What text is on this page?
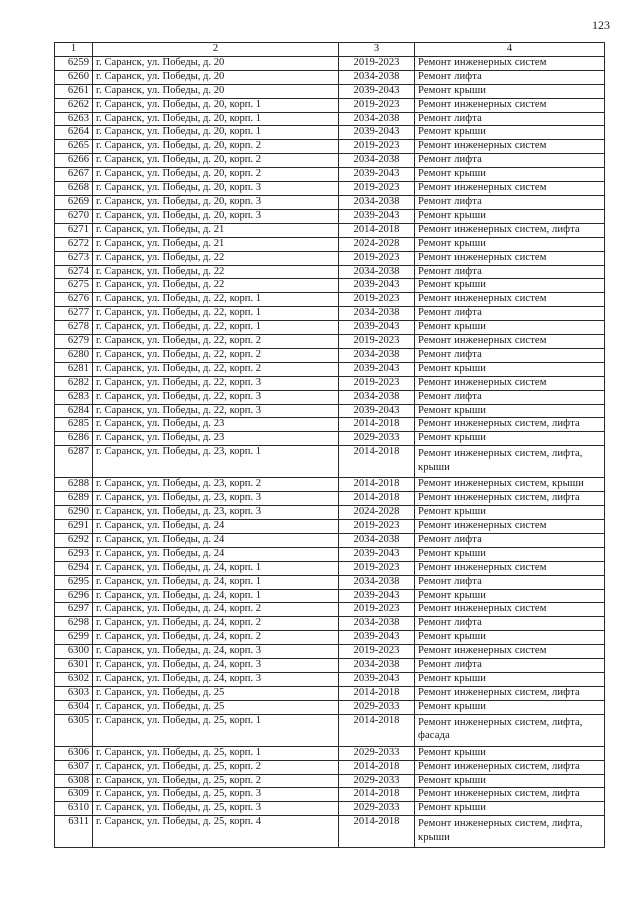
123
1	2	3	4
6259	г. Саранск, ул. Победы, д. 20	2019-2023	Ремонт инженерных систем
6260	г. Саранск, ул. Победы, д. 20	2034-2038	Ремонт лифта
6261	г. Саранск, ул. Победы, д. 20	2039-2043	Ремонт крыши
6262	г. Саранск, ул. Победы, д. 20, корп. 1	2019-2023	Ремонт инженерных систем
6263	г. Саранск, ул. Победы, д. 20, корп. 1	2034-2038	Ремонт лифта
6264	г. Саранск, ул. Победы, д. 20, корп. 1	2039-2043	Ремонт крыши
6265	г. Саранск, ул. Победы, д. 20, корп. 2	2019-2023	Ремонт инженерных систем
6266	г. Саранск, ул. Победы, д. 20, корп. 2	2034-2038	Ремонт лифта
6267	г. Саранск, ул. Победы, д. 20, корп. 2	2039-2043	Ремонт крыши
6268	г. Саранск, ул. Победы, д. 20, корп. 3	2019-2023	Ремонт инженерных систем
6269	г. Саранск, ул. Победы, д. 20, корп. 3	2034-2038	Ремонт лифта
6270	г. Саранск, ул. Победы, д. 20, корп. 3	2039-2043	Ремонт крыши
6271	г. Саранск, ул. Победы, д. 21	2014-2018	Ремонт инженерных систем, лифта
6272	г. Саранск, ул. Победы, д. 21	2024-2028	Ремонт крыши
6273	г. Саранск, ул. Победы, д. 22	2019-2023	Ремонт инженерных систем
6274	г. Саранск, ул. Победы, д. 22	2034-2038	Ремонт лифта
6275	г. Саранск, ул. Победы, д. 22	2039-2043	Ремонт крыши
6276	г. Саранск, ул. Победы, д. 22, корп. 1	2019-2023	Ремонт инженерных систем
6277	г. Саранск, ул. Победы, д. 22, корп. 1	2034-2038	Ремонт лифта
6278	г. Саранск, ул. Победы, д. 22, корп. 1	2039-2043	Ремонт крыши
6279	г. Саранск, ул. Победы, д. 22, корп. 2	2019-2023	Ремонт инженерных систем
6280	г. Саранск, ул. Победы, д. 22, корп. 2	2034-2038	Ремонт лифта
6281	г. Саранск, ул. Победы, д. 22, корп. 2	2039-2043	Ремонт крыши
6282	г. Саранск, ул. Победы, д. 22, корп. 3	2019-2023	Ремонт инженерных систем
6283	г. Саранск, ул. Победы, д. 22, корп. 3	2034-2038	Ремонт лифта
6284	г. Саранск, ул. Победы, д. 22, корп. 3	2039-2043	Ремонт крыши
6285	г. Саранск, ул. Победы, д. 23	2014-2018	Ремонт инженерных систем, лифта
6286	г. Саранск, ул. Победы, д. 23	2029-2033	Ремонт крыши
6287	г. Саранск, ул. Победы, д. 23, корп. 1	2014-2018	Ремонт инженерных систем, лифта, крыши
6288	г. Саранск, ул. Победы, д. 23, корп. 2	2014-2018	Ремонт инженерных систем, крыши
6289	г. Саранск, ул. Победы, д. 23, корп. 3	2014-2018	Ремонт инженерных систем, лифта
6290	г. Саранск, ул. Победы, д. 23, корп. 3	2024-2028	Ремонт крыши
6291	г. Саранск, ул. Победы, д. 24	2019-2023	Ремонт инженерных систем
6292	г. Саранск, ул. Победы, д. 24	2034-2038	Ремонт лифта
6293	г. Саранск, ул. Победы, д. 24	2039-2043	Ремонт крыши
6294	г. Саранск, ул. Победы, д. 24, корп. 1	2019-2023	Ремонт инженерных систем
6295	г. Саранск, ул. Победы, д. 24, корп. 1	2034-2038	Ремонт лифта
6296	г. Саранск, ул. Победы, д. 24, корп. 1	2039-2043	Ремонт крыши
6297	г. Саранск, ул. Победы, д. 24, корп. 2	2019-2023	Ремонт инженерных систем
6298	г. Саранск, ул. Победы, д. 24, корп. 2	2034-2038	Ремонт лифта
6299	г. Саранск, ул. Победы, д. 24, корп. 2	2039-2043	Ремонт крыши
6300	г. Саранск, ул. Победы, д. 24, корп. 3	2019-2023	Ремонт инженерных систем
6301	г. Саранск, ул. Победы, д. 24, корп. 3	2034-2038	Ремонт лифта
6302	г. Саранск, ул. Победы, д. 24, корп. 3	2039-2043	Ремонт крыши
6303	г. Саранск, ул. Победы, д. 25	2014-2018	Ремонт инженерных систем, лифта
6304	г. Саранск, ул. Победы, д. 25	2029-2033	Ремонт крыши
6305	г. Саранск, ул. Победы, д. 25, корп. 1	2014-2018	Ремонт инженерных систем, лифта, фасада
6306	г. Саранск, ул. Победы, д. 25, корп. 1	2029-2033	Ремонт крыши
6307	г. Саранск, ул. Победы, д. 25, корп. 2	2014-2018	Ремонт инженерных систем, лифта
6308	г. Саранск, ул. Победы, д. 25, корп. 2	2029-2033	Ремонт крыши
6309	г. Саранск, ул. Победы, д. 25, корп. 3	2014-2018	Ремонт инженерных систем, лифта
6310	г. Саранск, ул. Победы, д. 25, корп. 3	2029-2033	Ремонт крыши
6311	г. Саранск, ул. Победы, д. 25, корп. 4	2014-2018	Ремонт инженерных систем, лифта, крыши
